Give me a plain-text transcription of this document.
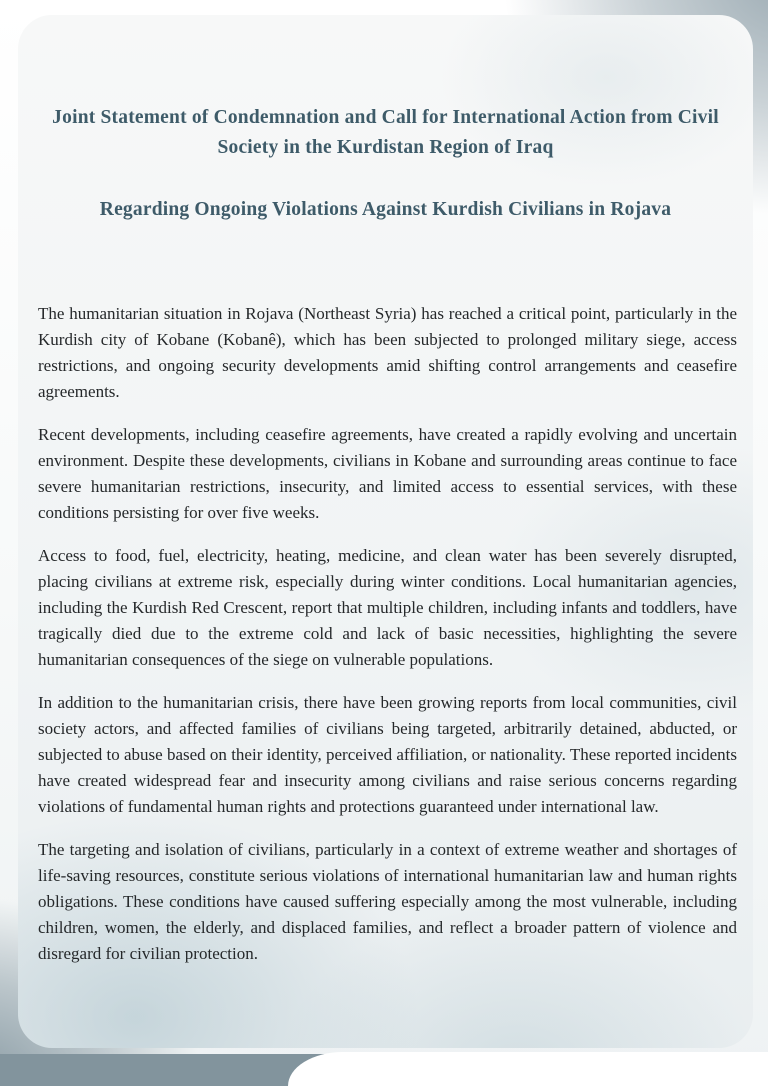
Joint Statement of Condemnation and Call for International Action from Civil Society in the Kurdistan Region of Iraq
Regarding Ongoing Violations Against Kurdish Civilians in Rojava

The humanitarian situation in Rojava (Northeast Syria) has reached a critical point, particularly in the Kurdish city of Kobane (Kobanê), which has been subjected to prolonged military siege, access restrictions, and ongoing security developments amid shifting control arrangements and ceasefire agreements.

Recent developments, including ceasefire agreements, have created a rapidly evolving and uncertain environment. Despite these developments, civilians in Kobane and surrounding areas continue to face severe humanitarian restrictions, insecurity, and limited access to essential services, with these conditions persisting for over five weeks.

Access to food, fuel, electricity, heating, medicine, and clean water has been severely disrupted, placing civilians at extreme risk, especially during winter conditions. Local humanitarian agencies, including the Kurdish Red Crescent, report that multiple children, including infants and toddlers, have tragically died due to the extreme cold and lack of basic necessities, highlighting the severe humanitarian consequences of the siege on vulnerable populations.

In addition to the humanitarian crisis, there have been growing reports from local communities, civil society actors, and affected families of civilians being targeted, arbitrarily detained, abducted, or subjected to abuse based on their identity, perceived affiliation, or nationality. These reported incidents have created widespread fear and insecurity among civilians and raise serious concerns regarding violations of fundamental human rights and protections guaranteed under international law.

The targeting and isolation of civilians, particularly in a context of extreme weather and shortages of life-saving resources, constitute serious violations of international humanitarian law and human rights obligations. These conditions have caused suffering especially among the most vulnerable, including children, women, the elderly, and displaced families, and reflect a broader pattern of violence and disregard for civilian protection.
